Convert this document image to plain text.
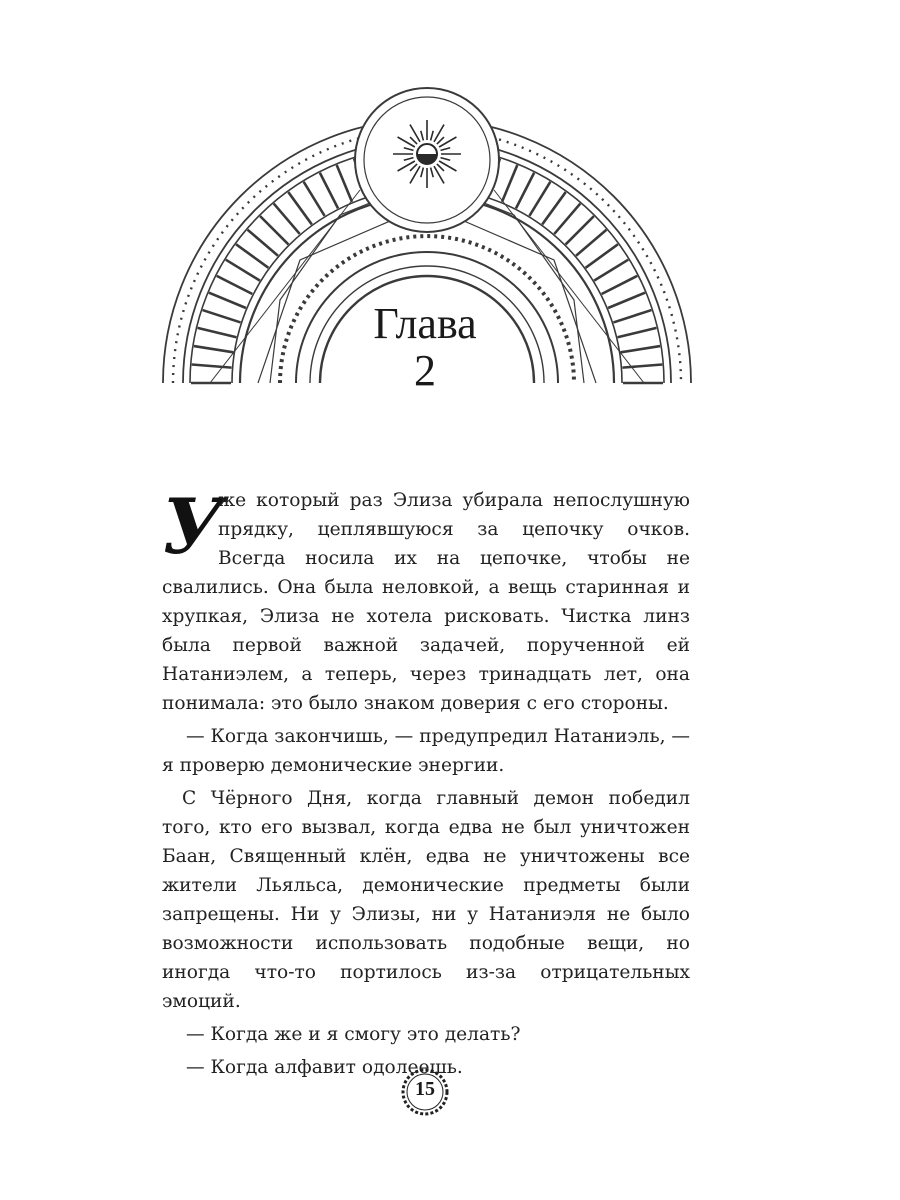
Глава
2

У
же который раз Элиза убирала непослушную прядку, цеплявшуюся за цепочку очков. Всегда носила их на цепочке, чтобы не свалились. Она была неловкой, а вещь старинная и хрупкая, Элиза не хотела рисковать. Чистка линз была первой важной задачей, порученной ей Натаниэлем, а теперь, через тринадцать лет, она понимала: это было знаком доверия с его стороны.

— Когда закончишь, — предупредил Натаниэль, — я проверю демонические энергии.

С Чёрного Дня, когда главный демон победил того, кто его вызвал, когда едва не был уничтожен Баан, Священный клён, едва не уничтожены все жители Льяльса, демонические предметы были запрещены. Ни у Элизы, ни у Натаниэля не было возможности использовать подобные вещи, но иногда что-то портилось из-за отрицательных эмоций.

— Когда же и я смогу это делать?

— Когда алфавит одолеешь.

15
